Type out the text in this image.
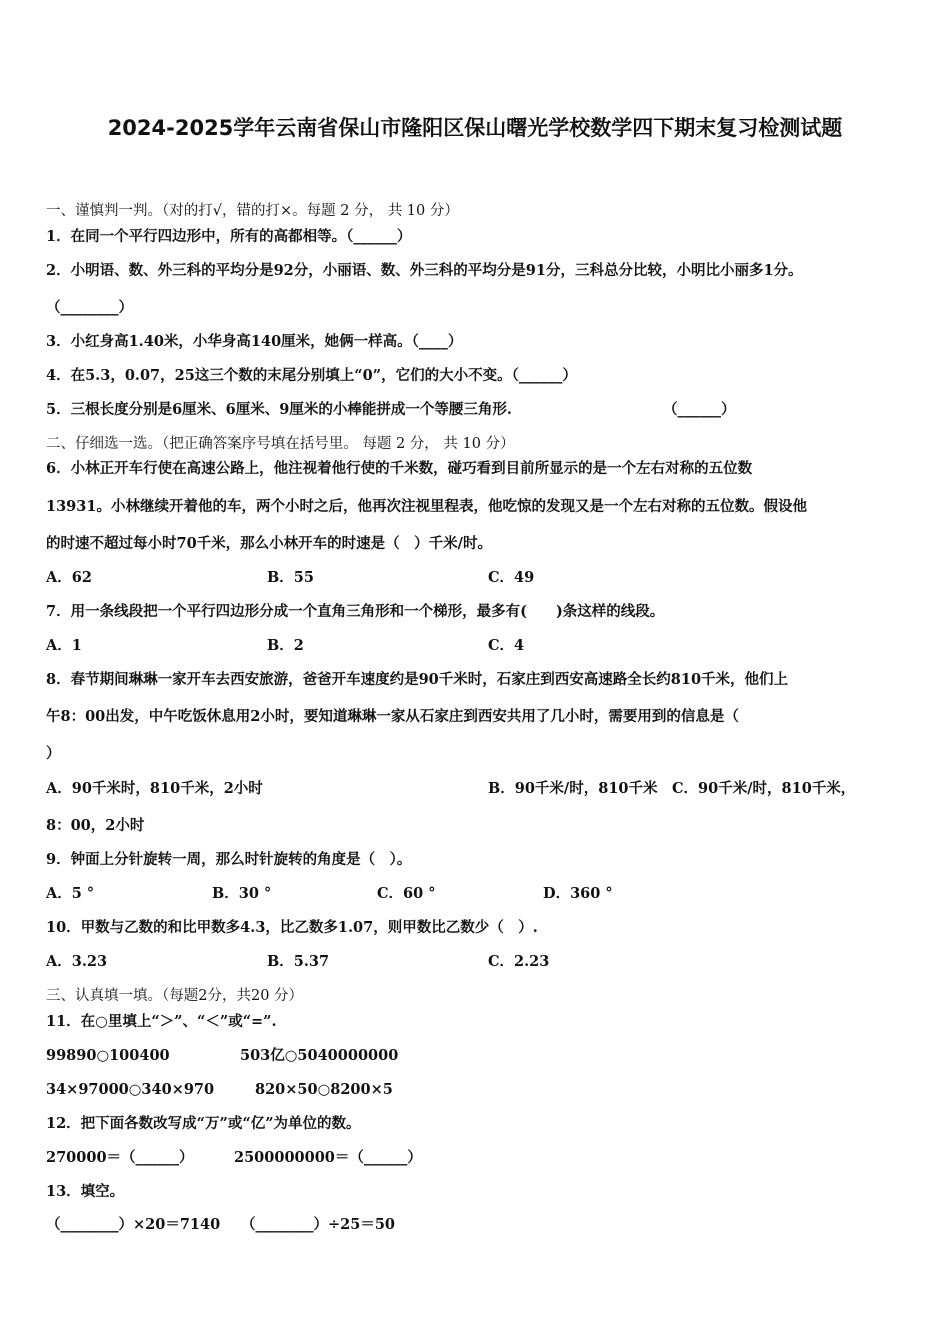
2024-2025学年云南省保山市隆阳区保山曙光学校数学四下期末复习检测试题
一、谨慎判一判。（对的打√，错的打×。每题 2 分， 共 10 分）
1．在同一个平行四边形中，所有的高都相等。（______）
2．小明语、数、外三科的平均分是92分，小丽语、数、外三科的平均分是91分，三科总分比较，小明比小丽多1分。
（________）
3．小红身高1.40米，小华身高140厘米，她俩一样高。（____）
4．在5.3，0.07，25这三个数的末尾分别填上“0”，它们的大小不变。（______）
5．三根长度分别是6厘米、6厘米、9厘米的小棒能拼成一个等腰三角形.	（______）
二、仔细选一选。（把正确答案序号填在括号里。 每题 2 分， 共 10 分）
6．小林正开车行使在高速公路上，他注视着他行使的千米数，碰巧看到目前所显示的是一个左右对称的五位数
13931。小林继续开着他的车，两个小时之后，他再次注视里程表，他吃惊的发现又是一个左右对称的五位数。假设他
的时速不超过每小时70千米，那么小林开车的时速是（　）千米/时。
A．62	B．55	C．49
7．用一条线段把一个平行四边形分成一个直角三角形和一个梯形，最多有(　　)条这样的线段。
A．1	B．2	C．4
8．春节期间琳琳一家开车去西安旅游，爸爸开车速度约是90千米时，石家庄到西安高速路全长约810千米，他们上
午8：00出发，中午吃饭休息用2小时，要知道琳琳一家从石家庄到西安共用了几小时，需要用到的信息是（
）
A．90千米时，810千米，2小时	B．90千米/时，810千米　C．90千米/时，810千米，
8：00，2小时
9．钟面上分针旋转一周，那么时针旋转的角度是（　）。
A．5 °	B．30 °	C．60 °	D．360 °
10．甲数与乙数的和比甲数多4.3，比乙数多1.07，则甲数比乙数少（　）.
A．3.23	B．5.37	C．2.23
三、认真填一填。（每题2分，共20 分）
11．在○里填上“＞”、“＜”或“=”.
99890○100400	503亿○5040000000
34×97000○340×970	820×50○8200×5
12．把下面各数改写成“万”或“亿”为单位的数。
270000＝（______）	2500000000＝（______）
13．填空。
（________）×20＝7140 （________）÷25＝50
